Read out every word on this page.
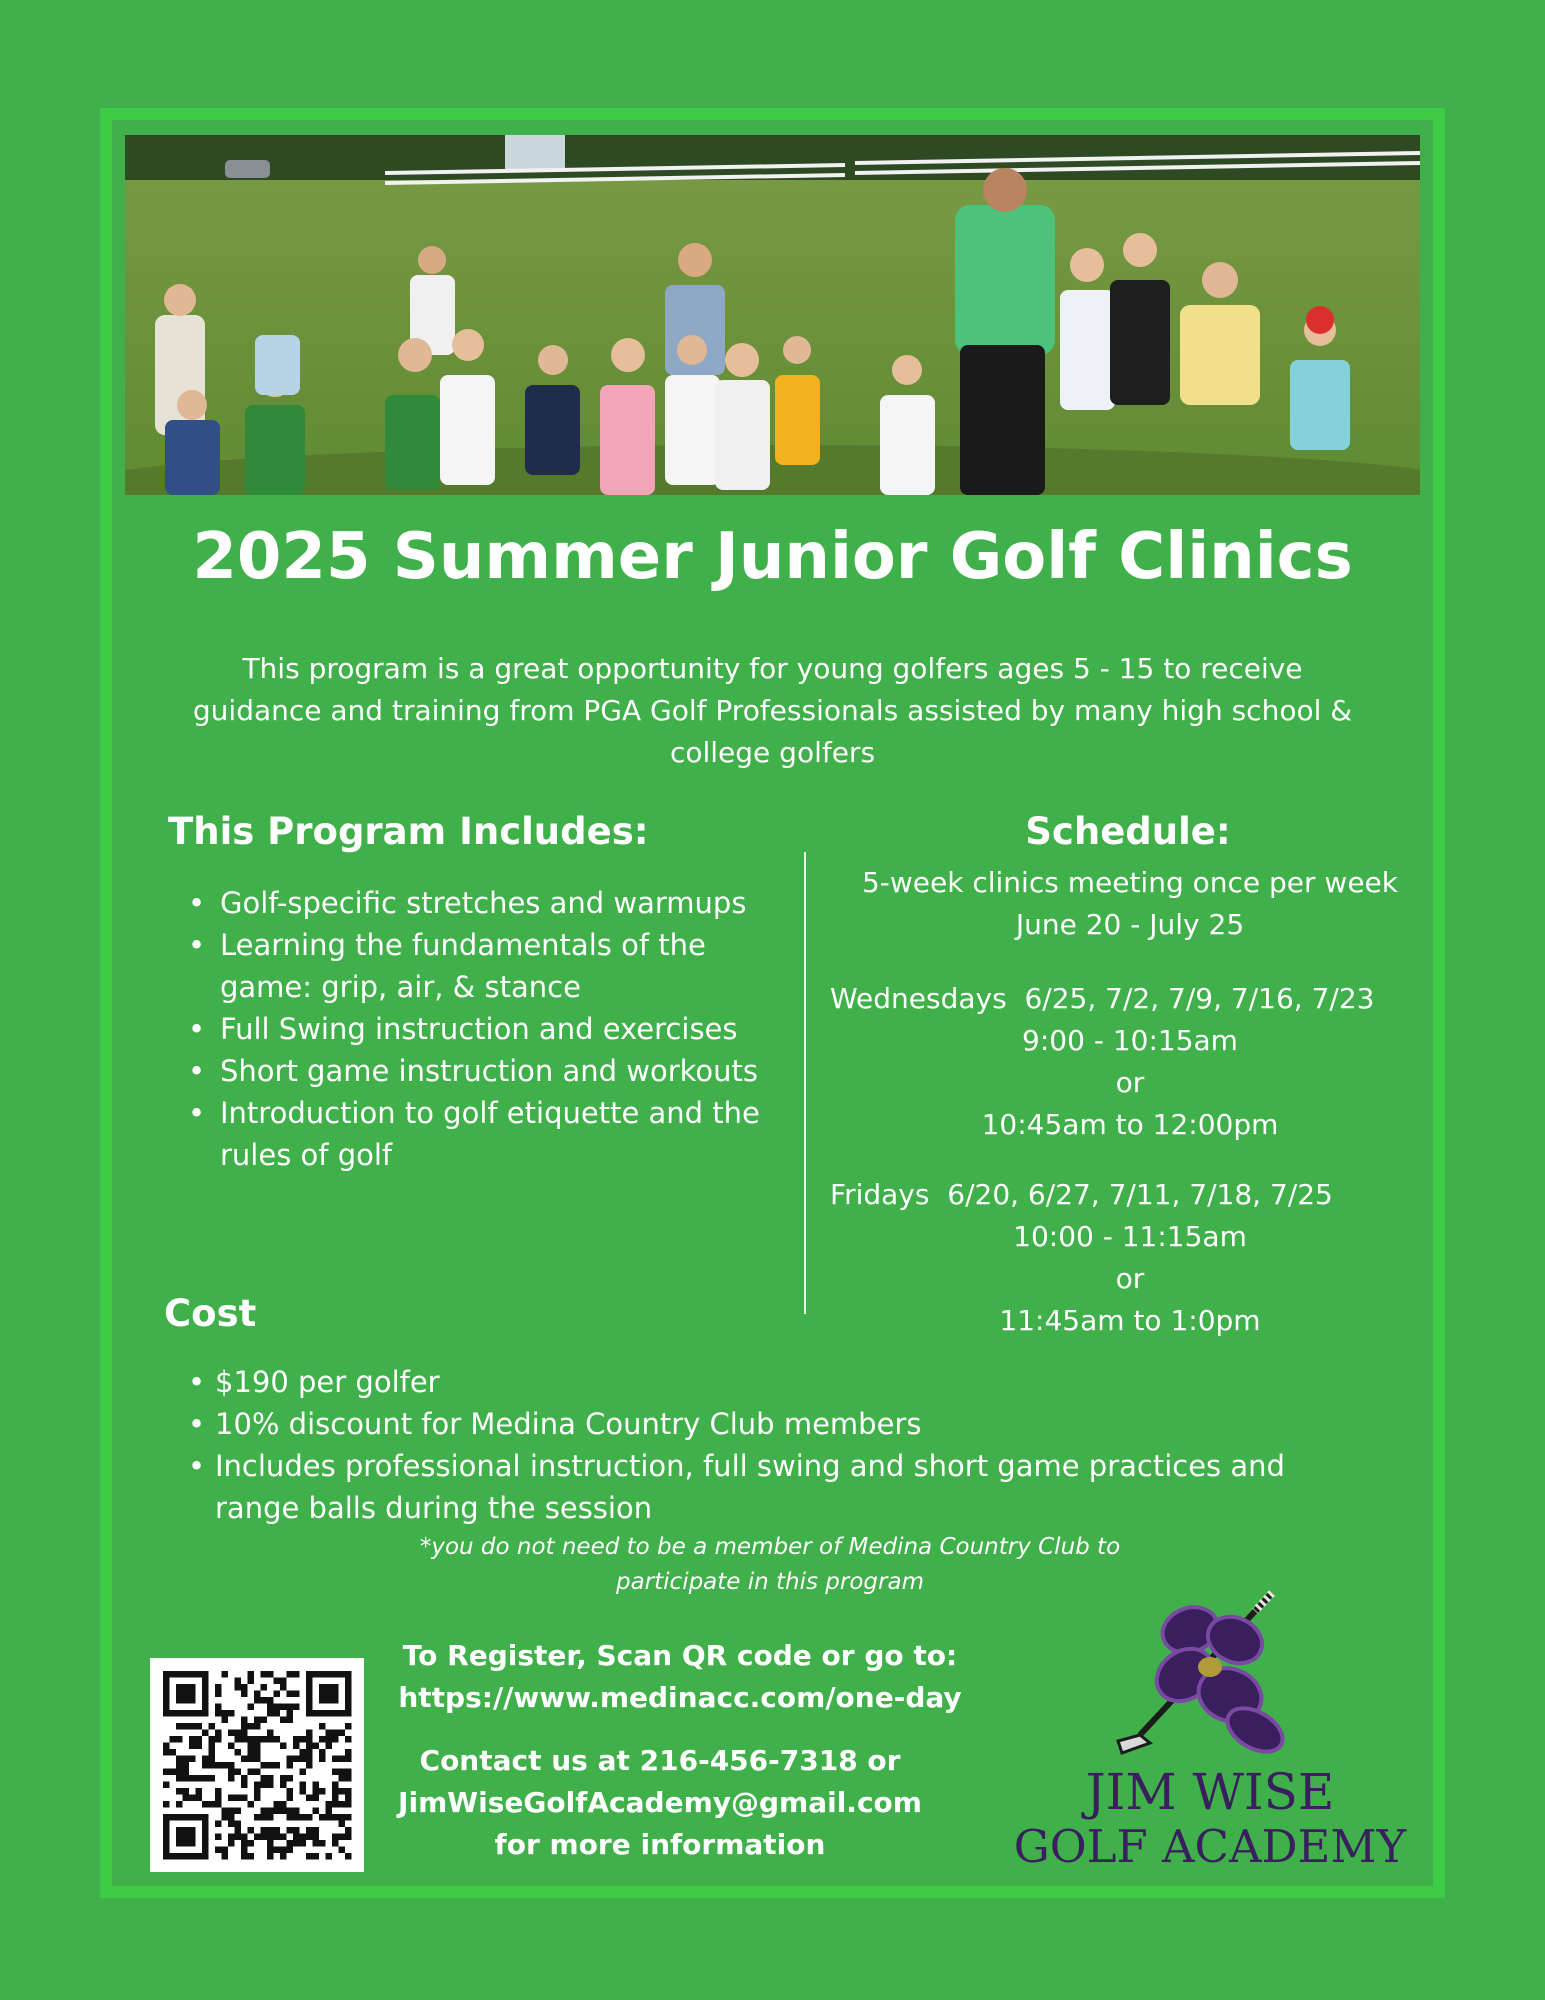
2025 Summer Junior Golf Clinics
This program is a great opportunity for young golfers ages 5 - 15 to receive
guidance and training from PGA Golf Professionals assisted by many high school &
college golfers
This Program Includes:
• Golf-specific stretches and warmups
• Learning the fundamentals of the game: grip, air, & stance
• Full Swing instruction and exercises
• Short game instruction and workouts
• Introduction to golf etiquette and the rules of golf
Schedule:
5-week clinics meeting once per week
June 20 - July 25
Wednesdays  6/25, 7/2, 7/9, 7/16, 7/23
9:00 - 10:15am
or
10:45am to 12:00pm
Fridays  6/20, 6/27, 7/11, 7/18, 7/25
10:00 - 11:15am
or
11:45am to 1:0pm
Cost
• $190 per golfer
• 10% discount for Medina Country Club members
• Includes professional instruction, full swing and short game practices and range balls during the session
*you do not need to be a member of Medina Country Club to
participate in this program
To Register, Scan QR code or go to:
https://www.medinacc.com/one-day
Contact us at 216-456-7318 or
JimWiseGolfAcademy@gmail.com
for more information
JIM WISE
GOLF ACADEMY
